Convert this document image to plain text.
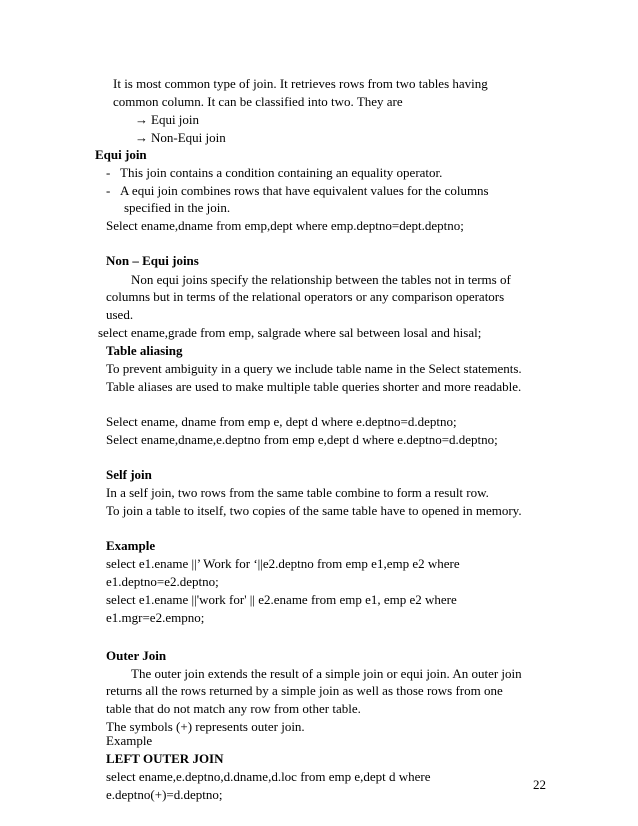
It is most common type of join. It retrieves rows from two tables having
common column. It can be classified into two. They are
→ Equi join
→ Non-Equi join
Equi join
- This join contains a condition containing an equality operator.
- A equi join combines rows that have equivalent values for the columns
specified in the join.
Select ename,dname from emp,dept where emp.deptno=dept.deptno;
Non – Equi joins
Non equi joins specify the relationship between the tables not in terms of
columns but in terms of the relational operators or any comparison operators
used.
select ename,grade from emp, salgrade where sal between losal and hisal;
Table aliasing
To prevent ambiguity in a query we include table name in the Select statements.
Table aliases are used to make multiple table queries shorter and more readable.
Select ename, dname from emp e, dept d where e.deptno=d.deptno;
Select ename,dname,e.deptno from emp e,dept d where e.deptno=d.deptno;
Self join
In a self join, two rows from the same table combine to form a result row.
To join a table to itself, two copies of the same table have to opened in memory.
Example
select e1.ename ||’ Work for ‘||e2.deptno from emp e1,emp e2 where
e1.deptno=e2.deptno;
select e1.ename ||'work for' || e2.ename from emp e1, emp e2 where
e1.mgr=e2.empno;
Outer Join
The outer join extends the result of a simple join or equi join. An outer join
returns all the rows returned by a simple join as well as those rows from one
table that do not match any row from other table.
The symbols (+) represents outer join.
Example
LEFT OUTER JOIN
select ename,e.deptno,d.dname,d.loc from emp e,dept d where
e.deptno(+)=d.deptno;
22
